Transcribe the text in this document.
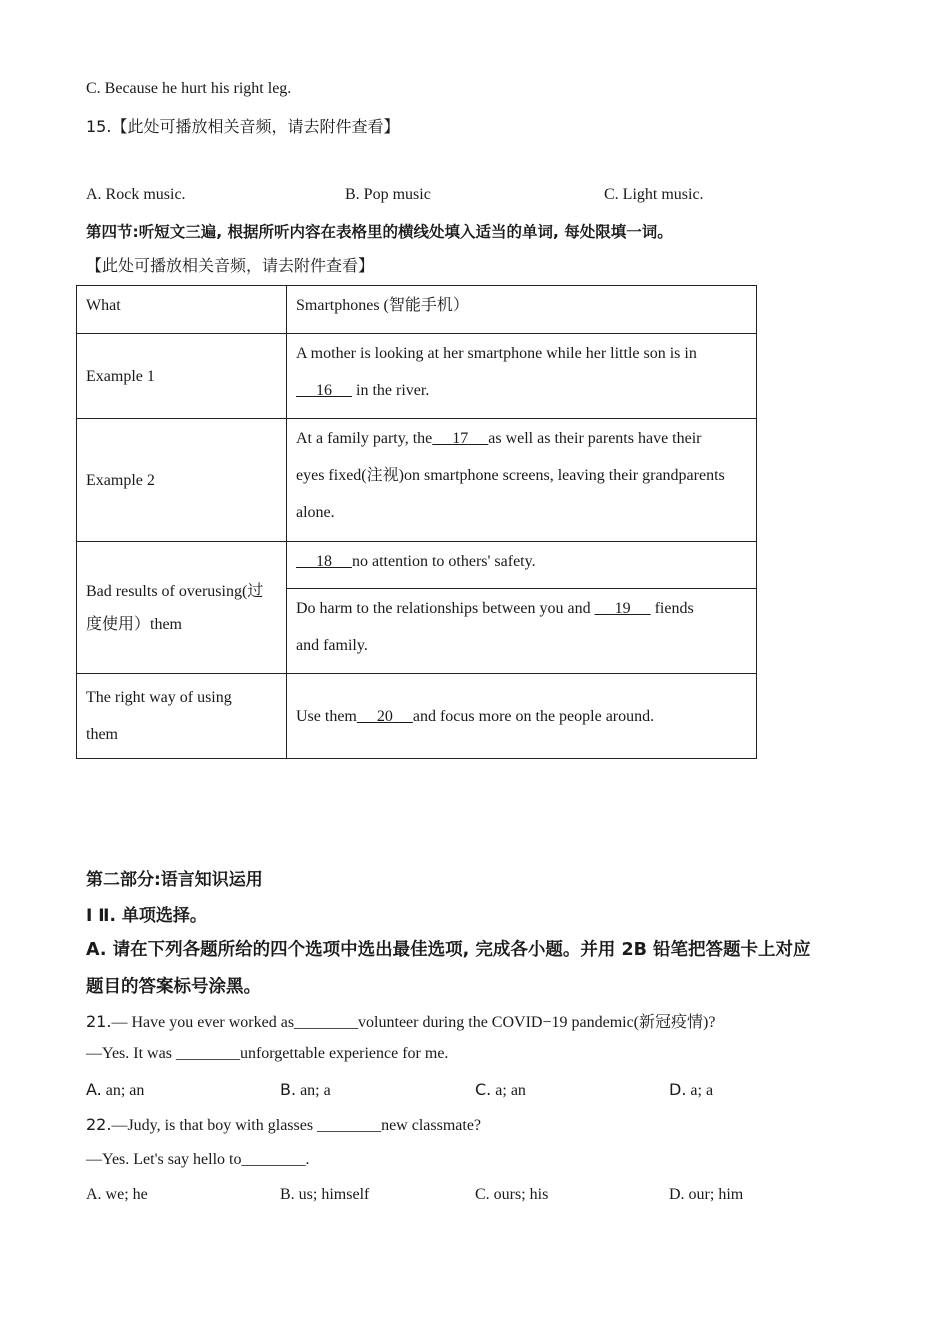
C. Because he hurt his right leg.
15.【此处可播放相关音频，请去附件查看】
A. Rock music.	B. Pop music	C. Light music.
第四节:听短文三遍, 根据所听内容在表格里的横线处填入适当的单词, 每处限填一词。
【此处可播放相关音频，请去附件查看】
What	Smartphones (智能手机）
Example 1	A mother is looking at her smartphone while her little son is in
16      in the river.

Example 2	At a family party, the 17 as well as their parents have their
eyes fixed(注视)on smartphone screens, leaving their grandparents
alone.

Bad results of overusing(过
度使用）them	18 no attention to others' safety.

	Do harm to the relationships between you and      19      fiends
and family.

The right way of using
them	Use them 20 and focus more on the people around.
第二部分:语言知识运用
I Ⅱ. 单项选择。
A. 请在下列各题所给的四个选项中选出最佳选项, 完成各小题。并用 2B 铅笔把答题卡上对应
题目的答案标号涂黑。
21.— Have you ever worked as________volunteer during the COVID−19 pandemic(新冠疫情)?
—Yes. It was ________unforgettable experience for me.
A. an; an	B. an; a	C. a; an	D. a; a
22.—Judy, is that boy with glasses ________new classmate?
—Yes. Let's say hello to________.
A. we; he	B. us; himself	C. ours; his	D. our; him
